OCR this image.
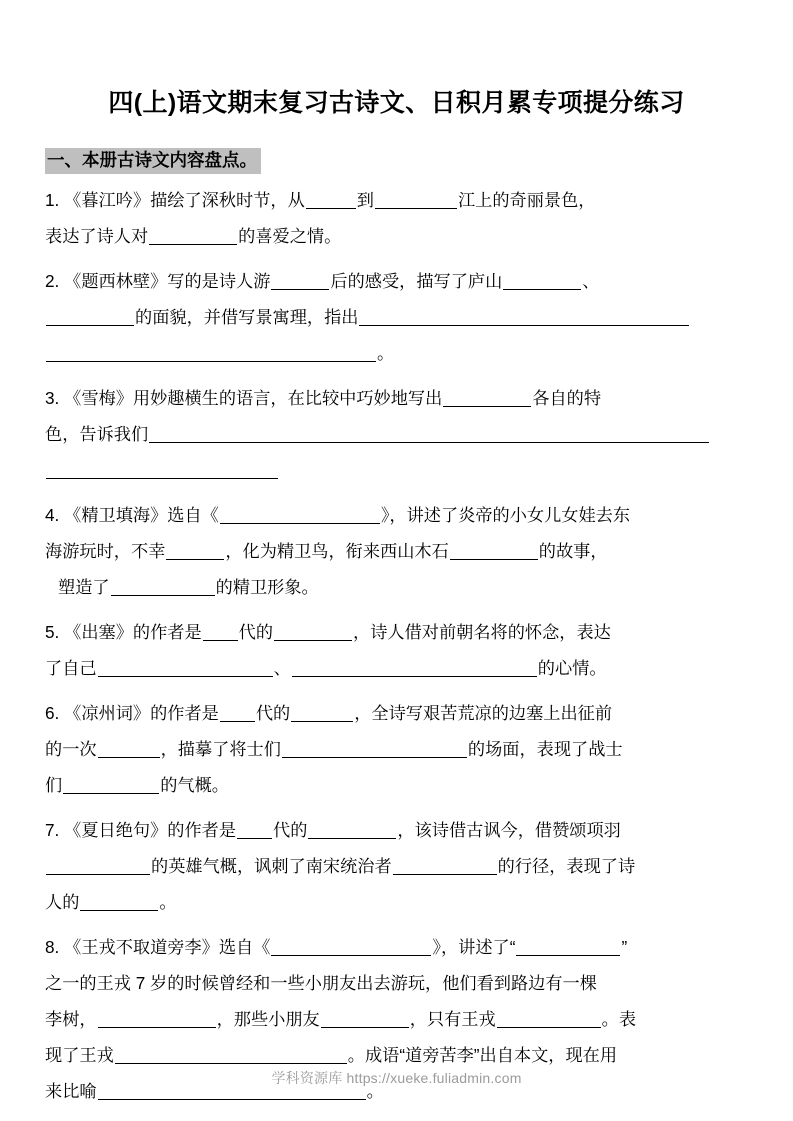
四(上)语文期末复习古诗文、日积月累专项提分练习
一、本册古诗文内容盘点。
1. 《暮江吟》描绘了深秋时节，从	到	江上的奇丽景色，
表达了诗人对	的喜爱之情。
2. 《题西林壁》写的是诗人游	后的感受，描写了庐山	、
的面貌，并借写景寓理，指出
。
3. 《雪梅》用妙趣横生的语言，在比较中巧妙地写出	各自的特
色，告诉我们
4. 《精卫填海》选自《	》，讲述了炎帝的小女儿女娃去东
海游玩时，不幸	，化为精卫鸟，衔来西山木石	的故事，
塑造了	的精卫形象。
5. 《出塞》的作者是 代的	，诗人借对前朝名将的怀念，表达
了自己	、	的心情。
6. 《凉州词》的作者是 代的	，全诗写艰苦荒凉的边塞上出征前
的一次	，描摹了将士们	的场面，表现了战士
们	的气概。
7. 《夏日绝句》的作者是 代的	，该诗借古讽今，借赞颂项羽
的英雄气概，讽刺了南宋统治者	的行径，表现了诗
人的	。
8. 《王戎不取道旁李》选自《	》，讲述了“	”
之一的王戎 7 岁的时候曾经和一些小朋友出去游玩，他们看到路边有一棵
李树，	，那些小朋友	，只有王戎	。表
现了王戎	。成语“道旁苦李”出自本文，现在用
来比喻	。
学科资源库 https://xueke.fuliadmin.com
